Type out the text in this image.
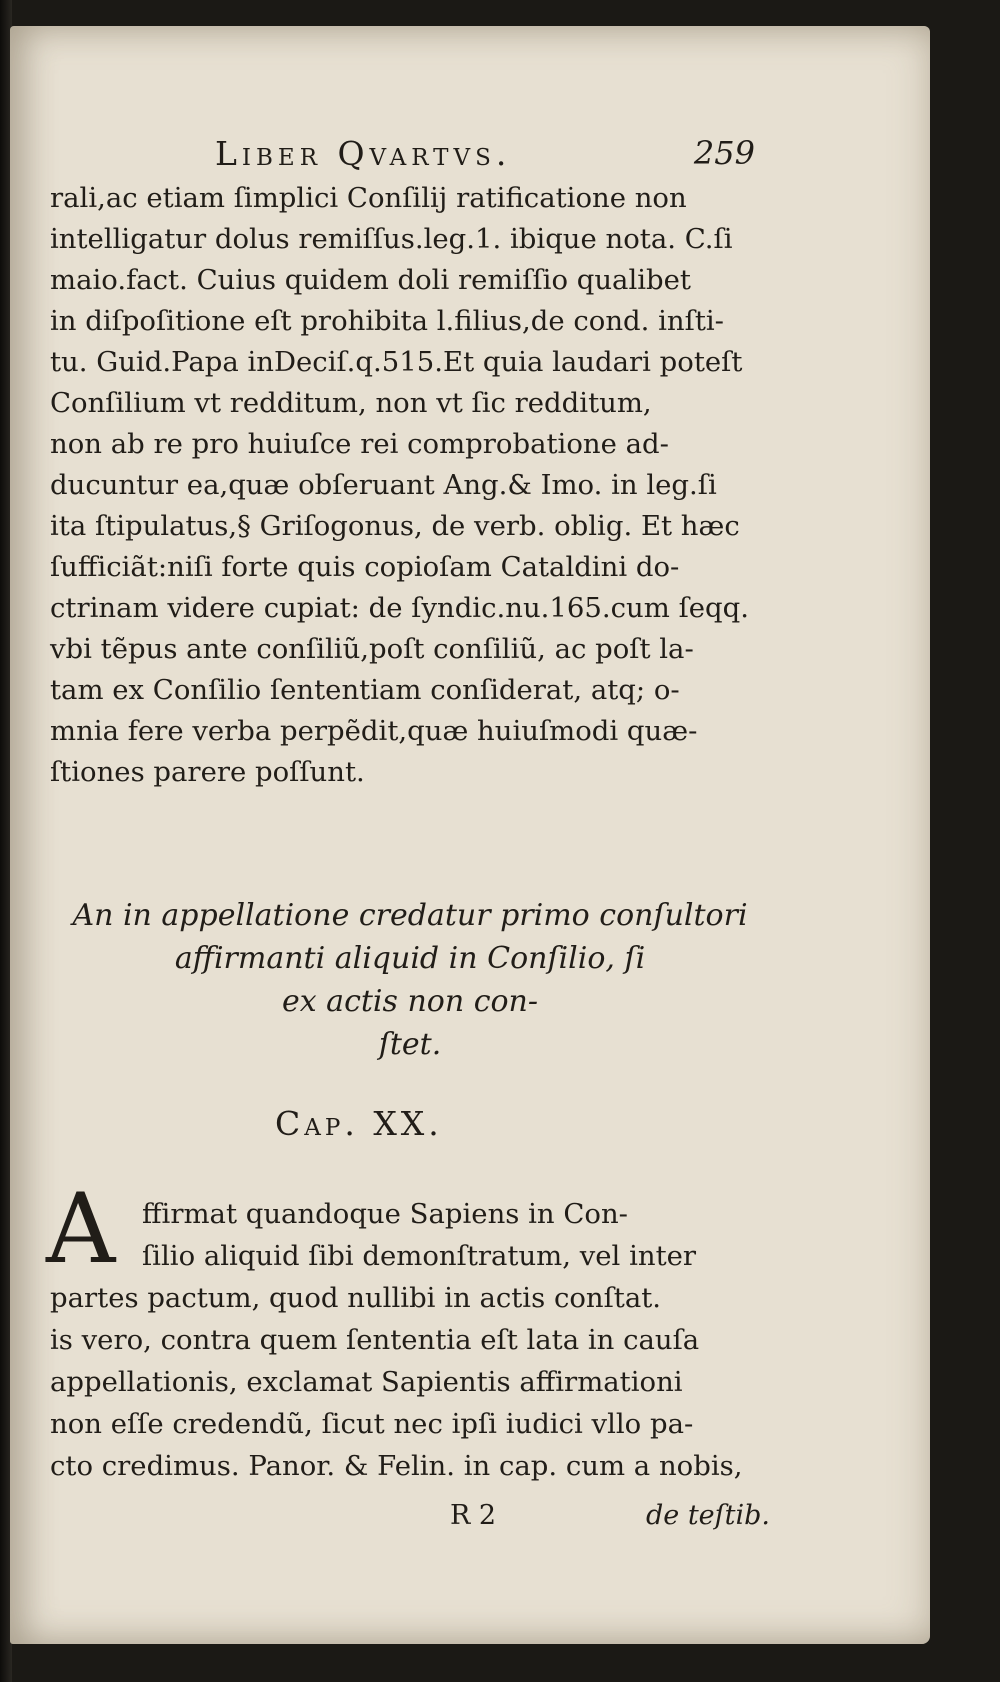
Liber Qvartvs.	259
rali,ac etiam ſimplici Conſilij ratificatione non
intelligatur dolus remiſſus.leg.1. ibique nota. C.ſi
maio.fact. Cuius quidem doli remiſſio qualibet
in diſpoſitione eſt prohibita l.filius,de cond. inſti-
tu. Guid.Papa inDeciſ.q.515.Et quia laudari poteſt
Conſilium vt redditum, non vt ſic redditum,
non ab re pro huiuſce rei comprobatione ad-
ducuntur ea,quæ obſeruant Ang.& Imo. in leg.ſi
ita ſtipulatus,§ Griſogonus, de verb. oblig. Et hæc
ſufficiãt:niſi forte quis copioſam Cataldini do-
ctrinam videre cupiat: de ſyndic.nu.165.cum ſeqq.
vbi tẽpus ante conſiliũ,poſt conſiliũ, ac poſt la-
tam ex Conſilio ſententiam conſiderat, atq; o-
mnia fere verba perpẽdit,quæ huiuſmodi quæ-
ſtiones parere poſſunt.
An in appellatione credatur primo conſultori
affirmanti aliquid in Conſilio, ſi
ex actis non con-
ſtet.
Cap. XX.
A ffirmat quandoque Sapiens in Con-
ſilio aliquid ſibi demonſtratum, vel inter
partes pactum, quod nullibi in actis conſtat.
is vero, contra quem ſententia eſt lata in cauſa
appellationis, exclamat Sapientis affirmationi
non eſſe credendũ, ſicut nec ipſi iudici vllo pa-
cto credimus. Panor. & Felin. in cap. cum a nobis,
R 2	de teſtib.
